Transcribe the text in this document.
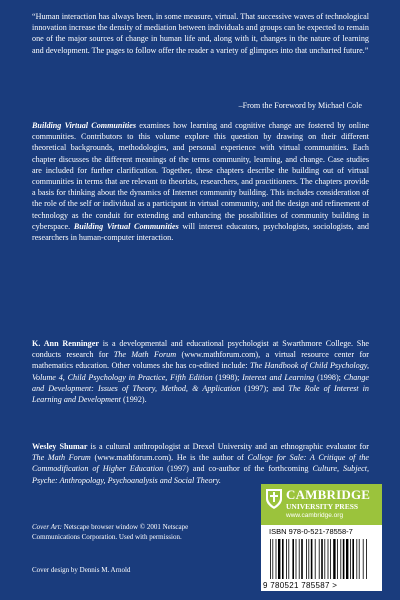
“Human interaction has always been, in some measure, virtual. That successive waves of technological innovation increase the density of mediation between individuals and groups can be expected to remain one of the major sources of change in human life and, along with it, changes in the nature of learning and development. The pages to follow offer the reader a variety of glimpses into that uncharted future.”

–From the Foreword by Michael Cole

Building Virtual Communities examines how learning and cognitive change are fostered by online communities. Contributors to this volume explore this question by drawing on their different theoretical backgrounds, methodologies, and personal experience with virtual communities. Each chapter discusses the different meanings of the terms community, learning, and change. Case studies are included for further clarification. Together, these chapters describe the building out of virtual communities in terms that are relevant to theorists, researchers, and practitioners. The chapters provide a basis for thinking about the dynamics of Internet community building. This includes consideration of the role of the self or individual as a participant in virtual community, and the design and refinement of technology as the conduit for extending and enhancing the possibilities of community building in cyberspace. Building Virtual Communities will interest educators, psychologists, sociologists, and researchers in human-computer interaction.

K. Ann Renninger is a developmental and educational psychologist at Swarthmore College. She conducts research for The Math Forum (www.mathforum.com), a virtual resource center for mathematics education. Other volumes she has co-edited include: The Handbook of Child Psychology, Volume 4, Child Psychology in Practice, Fifth Edition (1998); Interest and Learning (1998); Change and Development: Issues of Theory, Method, & Application (1997); and The Role of Interest in Learning and Development (1992).

Wesley Shumar is a cultural anthropologist at Drexel University and an ethnographic evaluator for The Math Forum (www.mathforum.com). He is the author of College for Sale: A Critique of the Commodification of Higher Education (1997) and co-author of the forthcoming Culture, Subject, Psyche: Anthropology, Psychoanalysis and Social Theory.

Cover Art: Netscape browser window © 2001 Netscape Communications Corporation. Used with permission.

Cover design by Dennis M. Arnold

CAMBRIDGE
UNIVERSITY PRESS
www.cambridge.org
ISBN 978-0-521-78558-7
9 780521 785587 >
